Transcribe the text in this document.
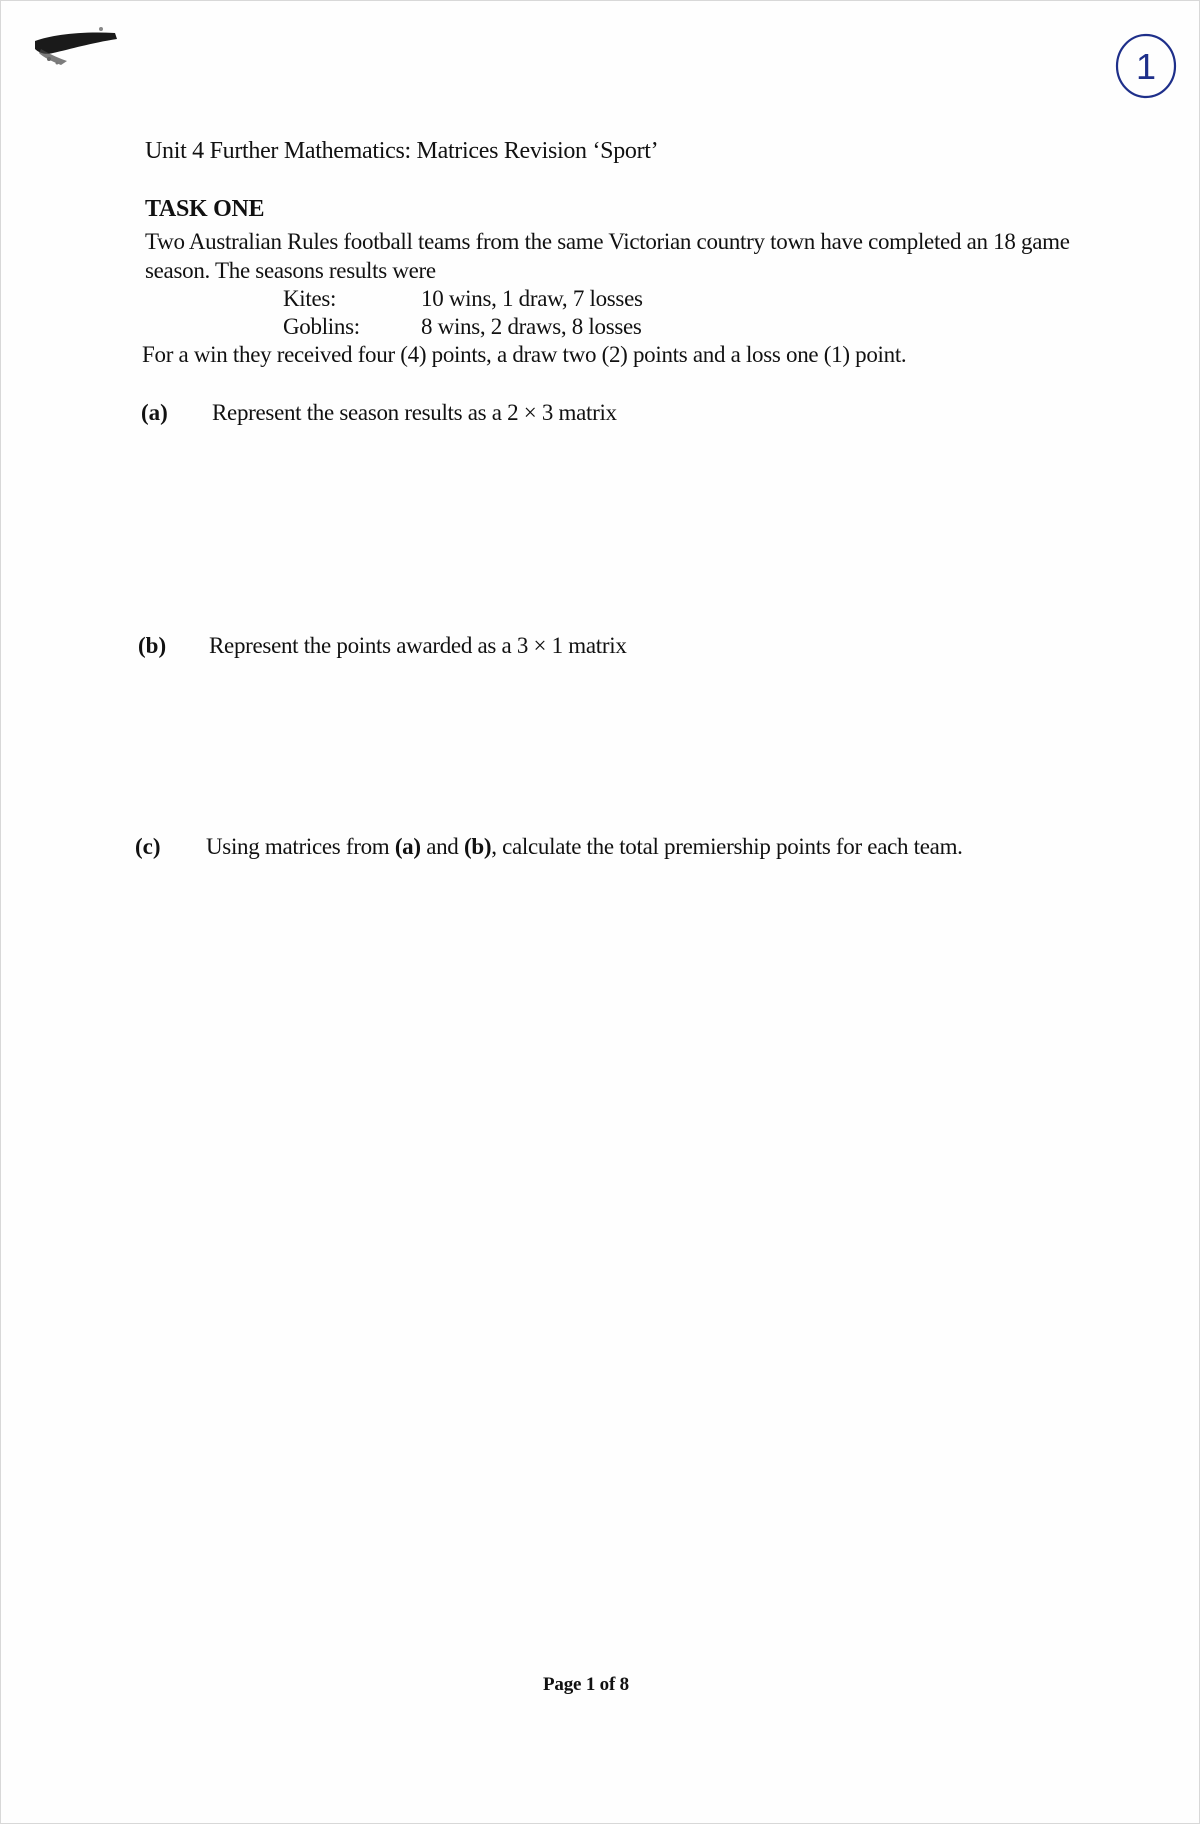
1
Unit 4 Further Mathematics: Matrices Revision ‘Sport’
TASK ONE
Two Australian Rules football teams from the same Victorian country town have completed an 18 game season. The seasons results were
Kites:	10 wins, 1 draw, 7 losses
Goblins:	8 wins, 2 draws, 8 losses
For a win they received four (4) points, a draw two (2) points and a loss one (1) point.
(a) Represent the season results as a 2 × 3 matrix
(b) Represent the points awarded as a 3 × 1 matrix
(c) Using matrices from (a) and (b), calculate the total premiership points for each team.
Page 1 of 8
